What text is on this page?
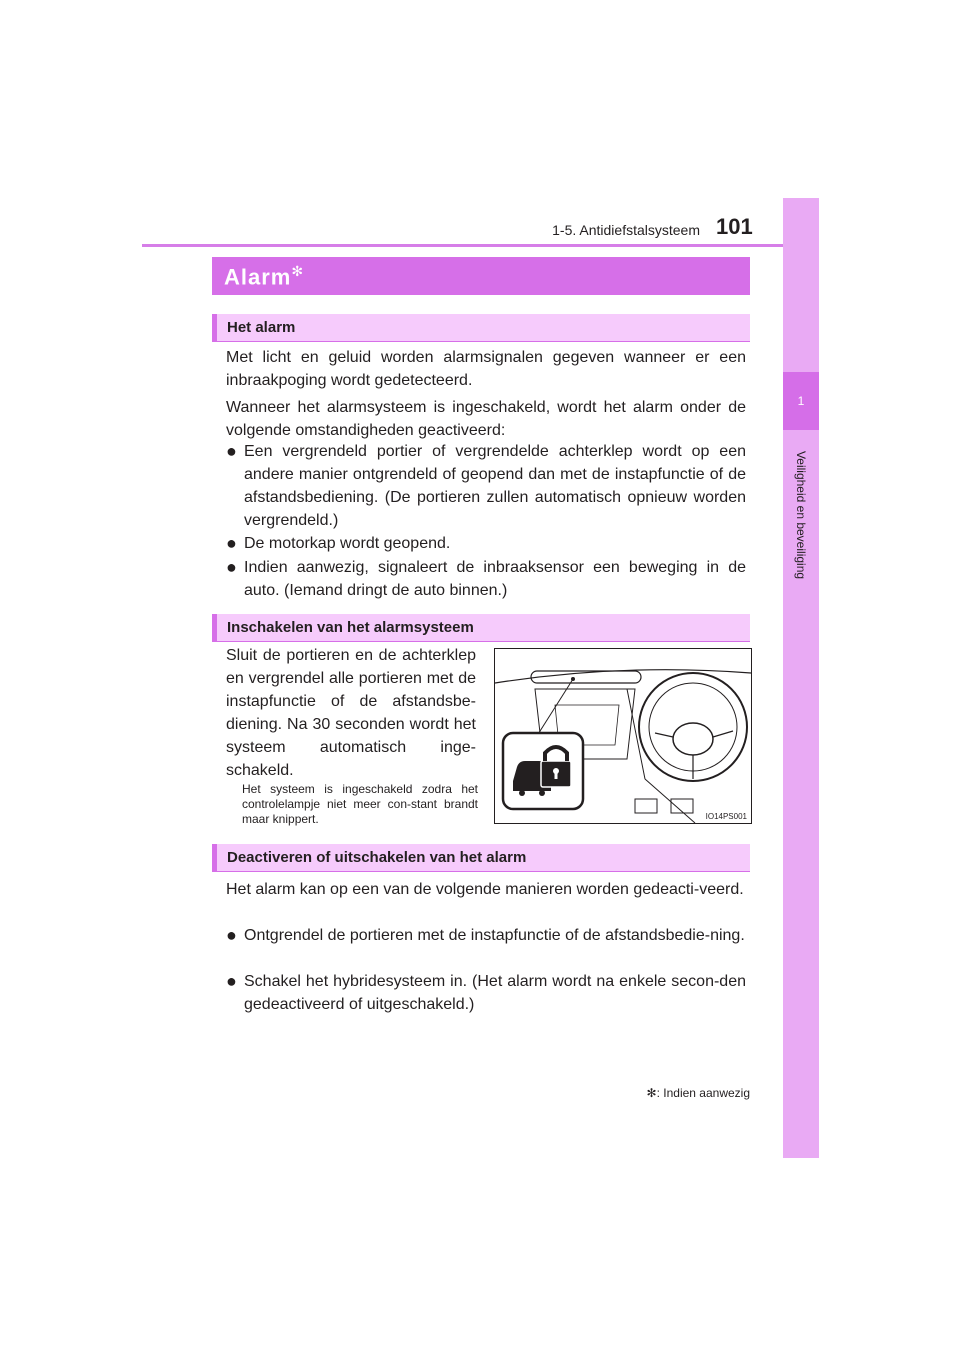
1-5. Antidiefstalsysteem 101
1
Veiligheid en beveiliging
Alarm✻
Het alarm
Met licht en geluid worden alarmsignalen gegeven wanneer er een inbraakpoging wordt gedetecteerd.
Wanneer het alarmsysteem is ingeschakeld, wordt het alarm onder de volgende omstandigheden geactiveerd:
● Een vergrendeld portier of vergrendelde achterklep wordt op een andere manier ontgrendeld of geopend dan met de instapfunctie of de afstandsbediening. (De portieren zullen automatisch opnieuw worden vergrendeld.)
● De motorkap wordt geopend.
● Indien aanwezig, signaleert de inbraaksensor een beweging in de auto. (Iemand dringt de auto binnen.)
Inschakelen van het alarmsysteem
Sluit de portieren en de achterklep en vergrendel alle portieren met de instapfunctie of de afstandsbe-diening. Na 30 seconden wordt het systeem automatisch inge-schakeld.
Het systeem is ingeschakeld zodra het controlelampje niet meer con-stant brandt maar knippert.	IO14PS001
Deactiveren of uitschakelen van het alarm
Het alarm kan op een van de volgende manieren worden gedeacti-veerd.
● Ontgrendel de portieren met de instapfunctie of de afstandsbedie-ning.
● Schakel het hybridesysteem in. (Het alarm wordt na enkele secon-den gedeactiveerd of uitgeschakeld.)
✻: Indien aanwezig
